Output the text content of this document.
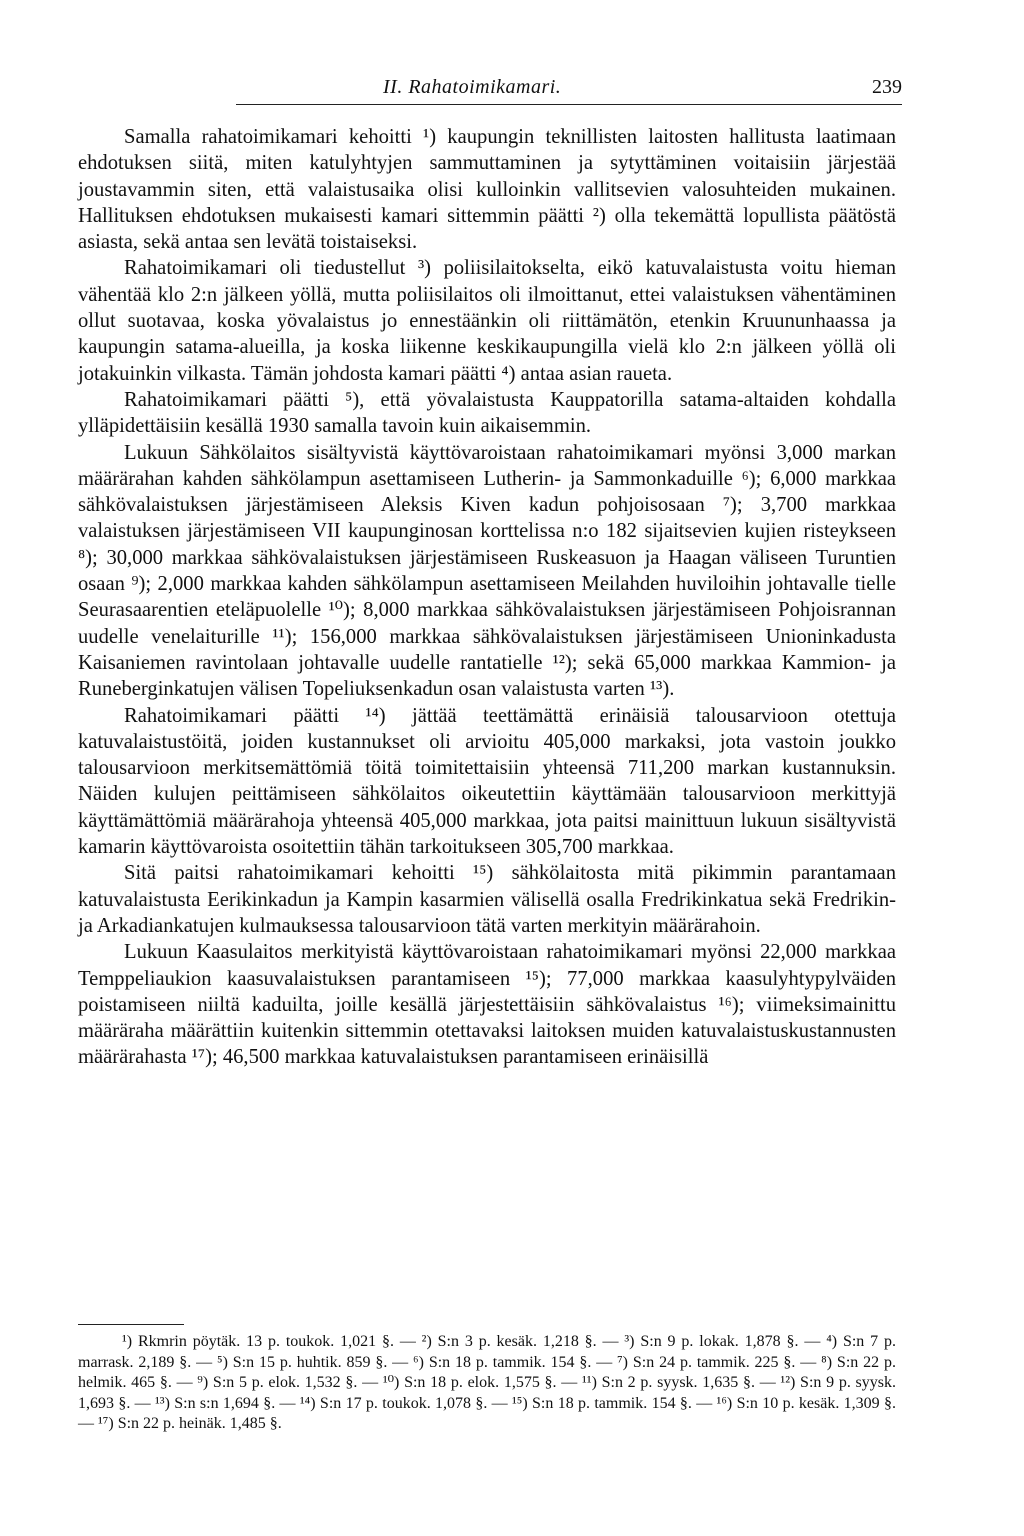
II. Rahatoimikamari.	239

Samalla rahatoimikamari kehoitti ¹) kaupungin teknillisten laitosten hallitusta laatimaan ehdotuksen siitä, miten katulyhtyjen sammuttaminen ja sytyttäminen voitaisiin järjestää joustavammin siten, että valaistusaika olisi kulloinkin vallitsevien valosuhteiden mukainen. Hallituksen ehdotuksen mukaisesti kamari sittemmin päätti ²) olla tekemättä lopullista päätöstä asiasta, sekä antaa sen levätä toistaiseksi.

Rahatoimikamari oli tiedustellut ³) poliisilaitokselta, eikö katuvalaistusta voitu hieman vähentää klo 2:n jälkeen yöllä, mutta poliisilaitos oli ilmoittanut, ettei valaistuksen vähentäminen ollut suotavaa, koska yövalaistus jo ennestäänkin oli riittämätön, etenkin Kruununhaassa ja kaupungin satama-alueilla, ja koska liikenne keskikaupungilla vielä klo 2:n jälkeen yöllä oli jotakuinkin vilkasta. Tämän johdosta kamari päätti ⁴) antaa asian raueta.

Rahatoimikamari päätti ⁵), että yövalaistusta Kauppatorilla satama-altaiden kohdalla ylläpidettäisiin kesällä 1930 samalla tavoin kuin aikaisemmin.

Lukuun Sähkölaitos sisältyvistä käyttövaroistaan rahatoimikamari myönsi 3,000 markan määrärahan kahden sähkölampun asettamiseen Lutherin- ja Sammonkaduille ⁶); 6,000 markkaa sähkövalaistuksen järjestämiseen Aleksis Kiven kadun pohjoisosaan ⁷); 3,700 markkaa valaistuksen järjestämiseen VII kaupunginosan korttelissa n:o 182 sijaitsevien kujien risteykseen ⁸); 30,000 markkaa sähkövalaistuksen järjestämiseen Ruskeasuon ja Haagan väliseen Turuntien osaan ⁹); 2,000 markkaa kahden sähkölampun asettamiseen Meilahden huviloihin johtavalle tielle Seurasaarentien eteläpuolelle ¹⁰); 8,000 markkaa sähkövalaistuksen järjestämiseen Pohjoisrannan uudelle venelaiturille ¹¹); 156,000 markkaa sähkövalaistuksen järjestämiseen Unioninkadusta Kaisaniemen ravintolaan johtavalle uudelle rantatielle ¹²); sekä 65,000 markkaa Kammion- ja Runeberginkatujen välisen Topeliuksenkadun osan valaistusta varten ¹³).

Rahatoimikamari päätti ¹⁴) jättää teettämättä erinäisiä talousarvioon otettuja katuvalaistustöitä, joiden kustannukset oli arvioitu 405,000 markaksi, jota vastoin joukko talousarvioon merkitsemättömiä töitä toimitettaisiin yhteensä 711,200 markan kustannuksin. Näiden kulujen peittämiseen sähkölaitos oikeutettiin käyttämään talousarvioon merkittyjä käyttämättömiä määrärahoja yhteensä 405,000 markkaa, jota paitsi mainittuun lukuun sisältyvistä kamarin käyttövaroista osoitettiin tähän tarkoitukseen 305,700 markkaa.

Sitä paitsi rahatoimikamari kehoitti ¹⁵) sähkölaitosta mitä pikimmin parantamaan katuvalaistusta Eerikinkadun ja Kampin kasarmien välisellä osalla Fredrikinkatua sekä Fredrikin- ja Arkadiankatujen kulmauksessa talousarvioon tätä varten merkityin määrärahoin.

Lukuun Kaasulaitos merkityistä käyttövaroistaan rahatoimikamari myönsi 22,000 markkaa Temppeliaukion kaasuvalaistuksen parantamiseen ¹⁵); 77,000 markkaa kaasulyhtypylväiden poistamiseen niiltä kaduilta, joille kesällä järjestettäisiin sähkövalaistus ¹⁶); viimeksimainittu määräraha määrättiin kuitenkin sittemmin otettavaksi laitoksen muiden katuvalaistuskustannusten määrärahasta ¹⁷); 46,500 markkaa katuvalaistuksen parantamiseen erinäisillä

¹) Rkmrin pöytäk. 13 p. toukok. 1,021 §. — ²) S:n 3 p. kesäk. 1,218 §. — ³) S:n 9 p. lokak. 1,878 §. — ⁴) S:n 7 p. marrask. 2,189 §. — ⁵) S:n 15 p. huhtik. 859 §. — ⁶) S:n 18 p. tammik. 154 §. — ⁷) S:n 24 p. tammik. 225 §. — ⁸) S:n 22 p. helmik. 465 §. — ⁹) S:n 5 p. elok. 1,532 §. — ¹⁰) S:n 18 p. elok. 1,575 §. — ¹¹) S:n 2 p. syysk. 1,635 §. — ¹²) S:n 9 p. syysk. 1,693 §. — ¹³) S:n s:n 1,694 §. — ¹⁴) S:n 17 p. toukok. 1,078 §. — ¹⁵) S:n 18 p. tammik. 154 §. — ¹⁶) S:n 10 p. kesäk. 1,309 §. — ¹⁷) S:n 22 p. heinäk. 1,485 §.
